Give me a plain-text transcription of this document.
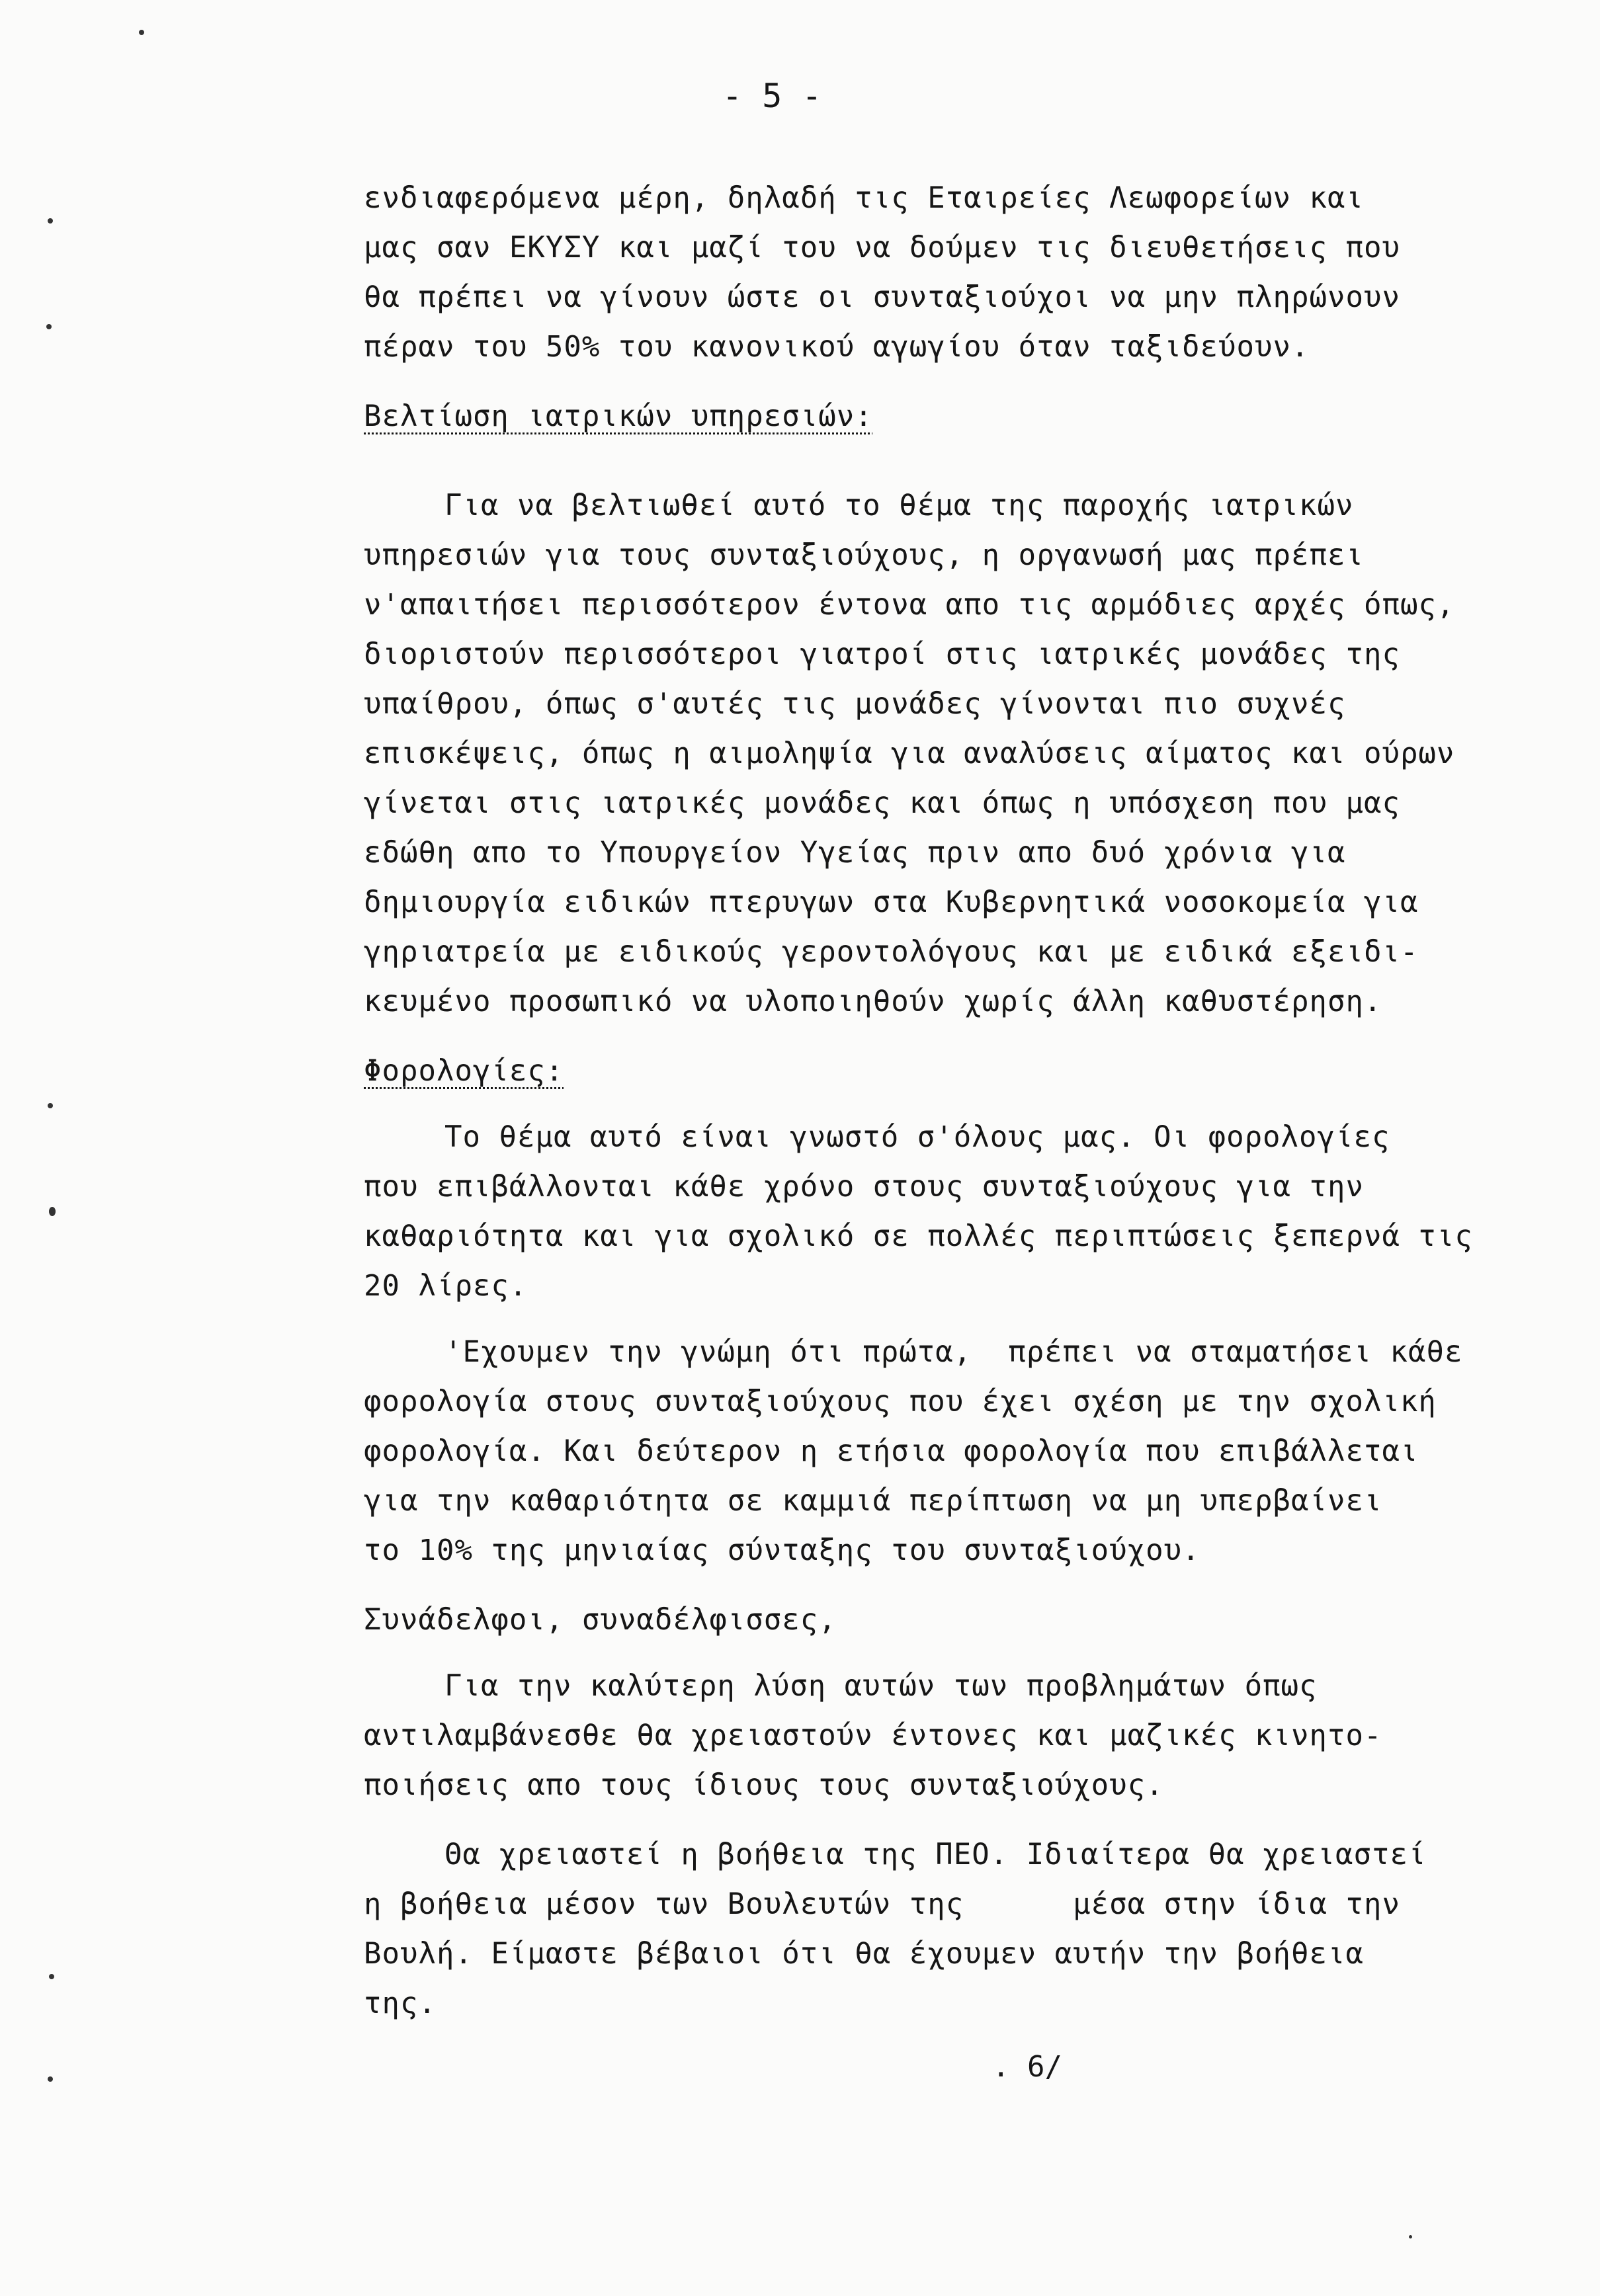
- 5 -
ενδιαφερόμενα μέρη, δηλαδή τις Εταιρείες Λεωφορείων και
μας σαν ΕΚΥΣΥ και μαζί του να δούμεν τις διευθετήσεις που
θα πρέπει να γίνουν ώστε οι συνταξιούχοι να μην πληρώνουν
πέραν του 50% του κανονικού αγωγίου όταν ταξιδεύουν.
Βελτίωση ιατρικών υπηρεσιών:
Για να βελτιωθεί αυτό το θέμα της παροχής ιατρικών
υπηρεσιών για τους συνταξιούχους, η οργανωσή μας πρέπει
ν'απαιτήσει περισσότερον έντονα απο τις αρμόδιες αρχές όπως,
διοριστούν περισσότεροι γιατροί στις ιατρικές μονάδες της
υπαίθρου, όπως σ'αυτές τις μονάδες γίνονται πιο συχνές
επισκέψεις, όπως η αιμοληψία για αναλύσεις αίματος και ούρων
γίνεται στις ιατρικές μονάδες και όπως η υπόσχεση που μας
εδώθη απο το Υπουργείον Υγείας πριν απο δυό χρόνια για
δημιουργία ειδικών πτερυγων στα Κυβερνητικά νοσοκομεία για
γηριατρεία με ειδικούς γεροντολόγους και με ειδικά εξειδι-
κευμένο προσωπικό να υλοποιηθούν χωρίς άλλη καθυστέρηση.
Φορολογίες:
Το θέμα αυτό είναι γνωστό σ'όλους μας. Οι φορολογίες
που επιβάλλονται κάθε χρόνο στους συνταξιούχους για την
καθαριότητα και για σχολικό σε πολλές περιπτώσεις ξεπερνά τις
20 λίρες.
'Εχουμεν την γνώμη ότι πρώτα,  πρέπει να σταματήσει κάθε
φορολογία στους συνταξιούχους που έχει σχέση με την σχολική
φορολογία. Και δεύτερον η ετήσια φορολογία που επιβάλλεται
για την καθαριότητα σε καμμιά περίπτωση να μη υπερβαίνει
το 10% της μηνιαίας σύνταξης του συνταξιούχου.
Συνάδελφοι, συναδέλφισσες,
Για την καλύτερη λύση αυτών των προβλημάτων όπως
αντιλαμβάνεσθε θα χρειαστούν έντονες και μαζικές κινητο-
ποιήσεις απο τους ίδιους τους συνταξιούχους.
Θα χρειαστεί η βοήθεια της ΠΕΟ. Ιδιαίτερα θα χρειαστεί
η βοήθεια μέσον των Βουλευτών της      μέσα στην ίδια την
Βουλή. Είμαστε βέβαιοι ότι θα έχουμεν αυτήν την βοήθεια
της.
. 6/
